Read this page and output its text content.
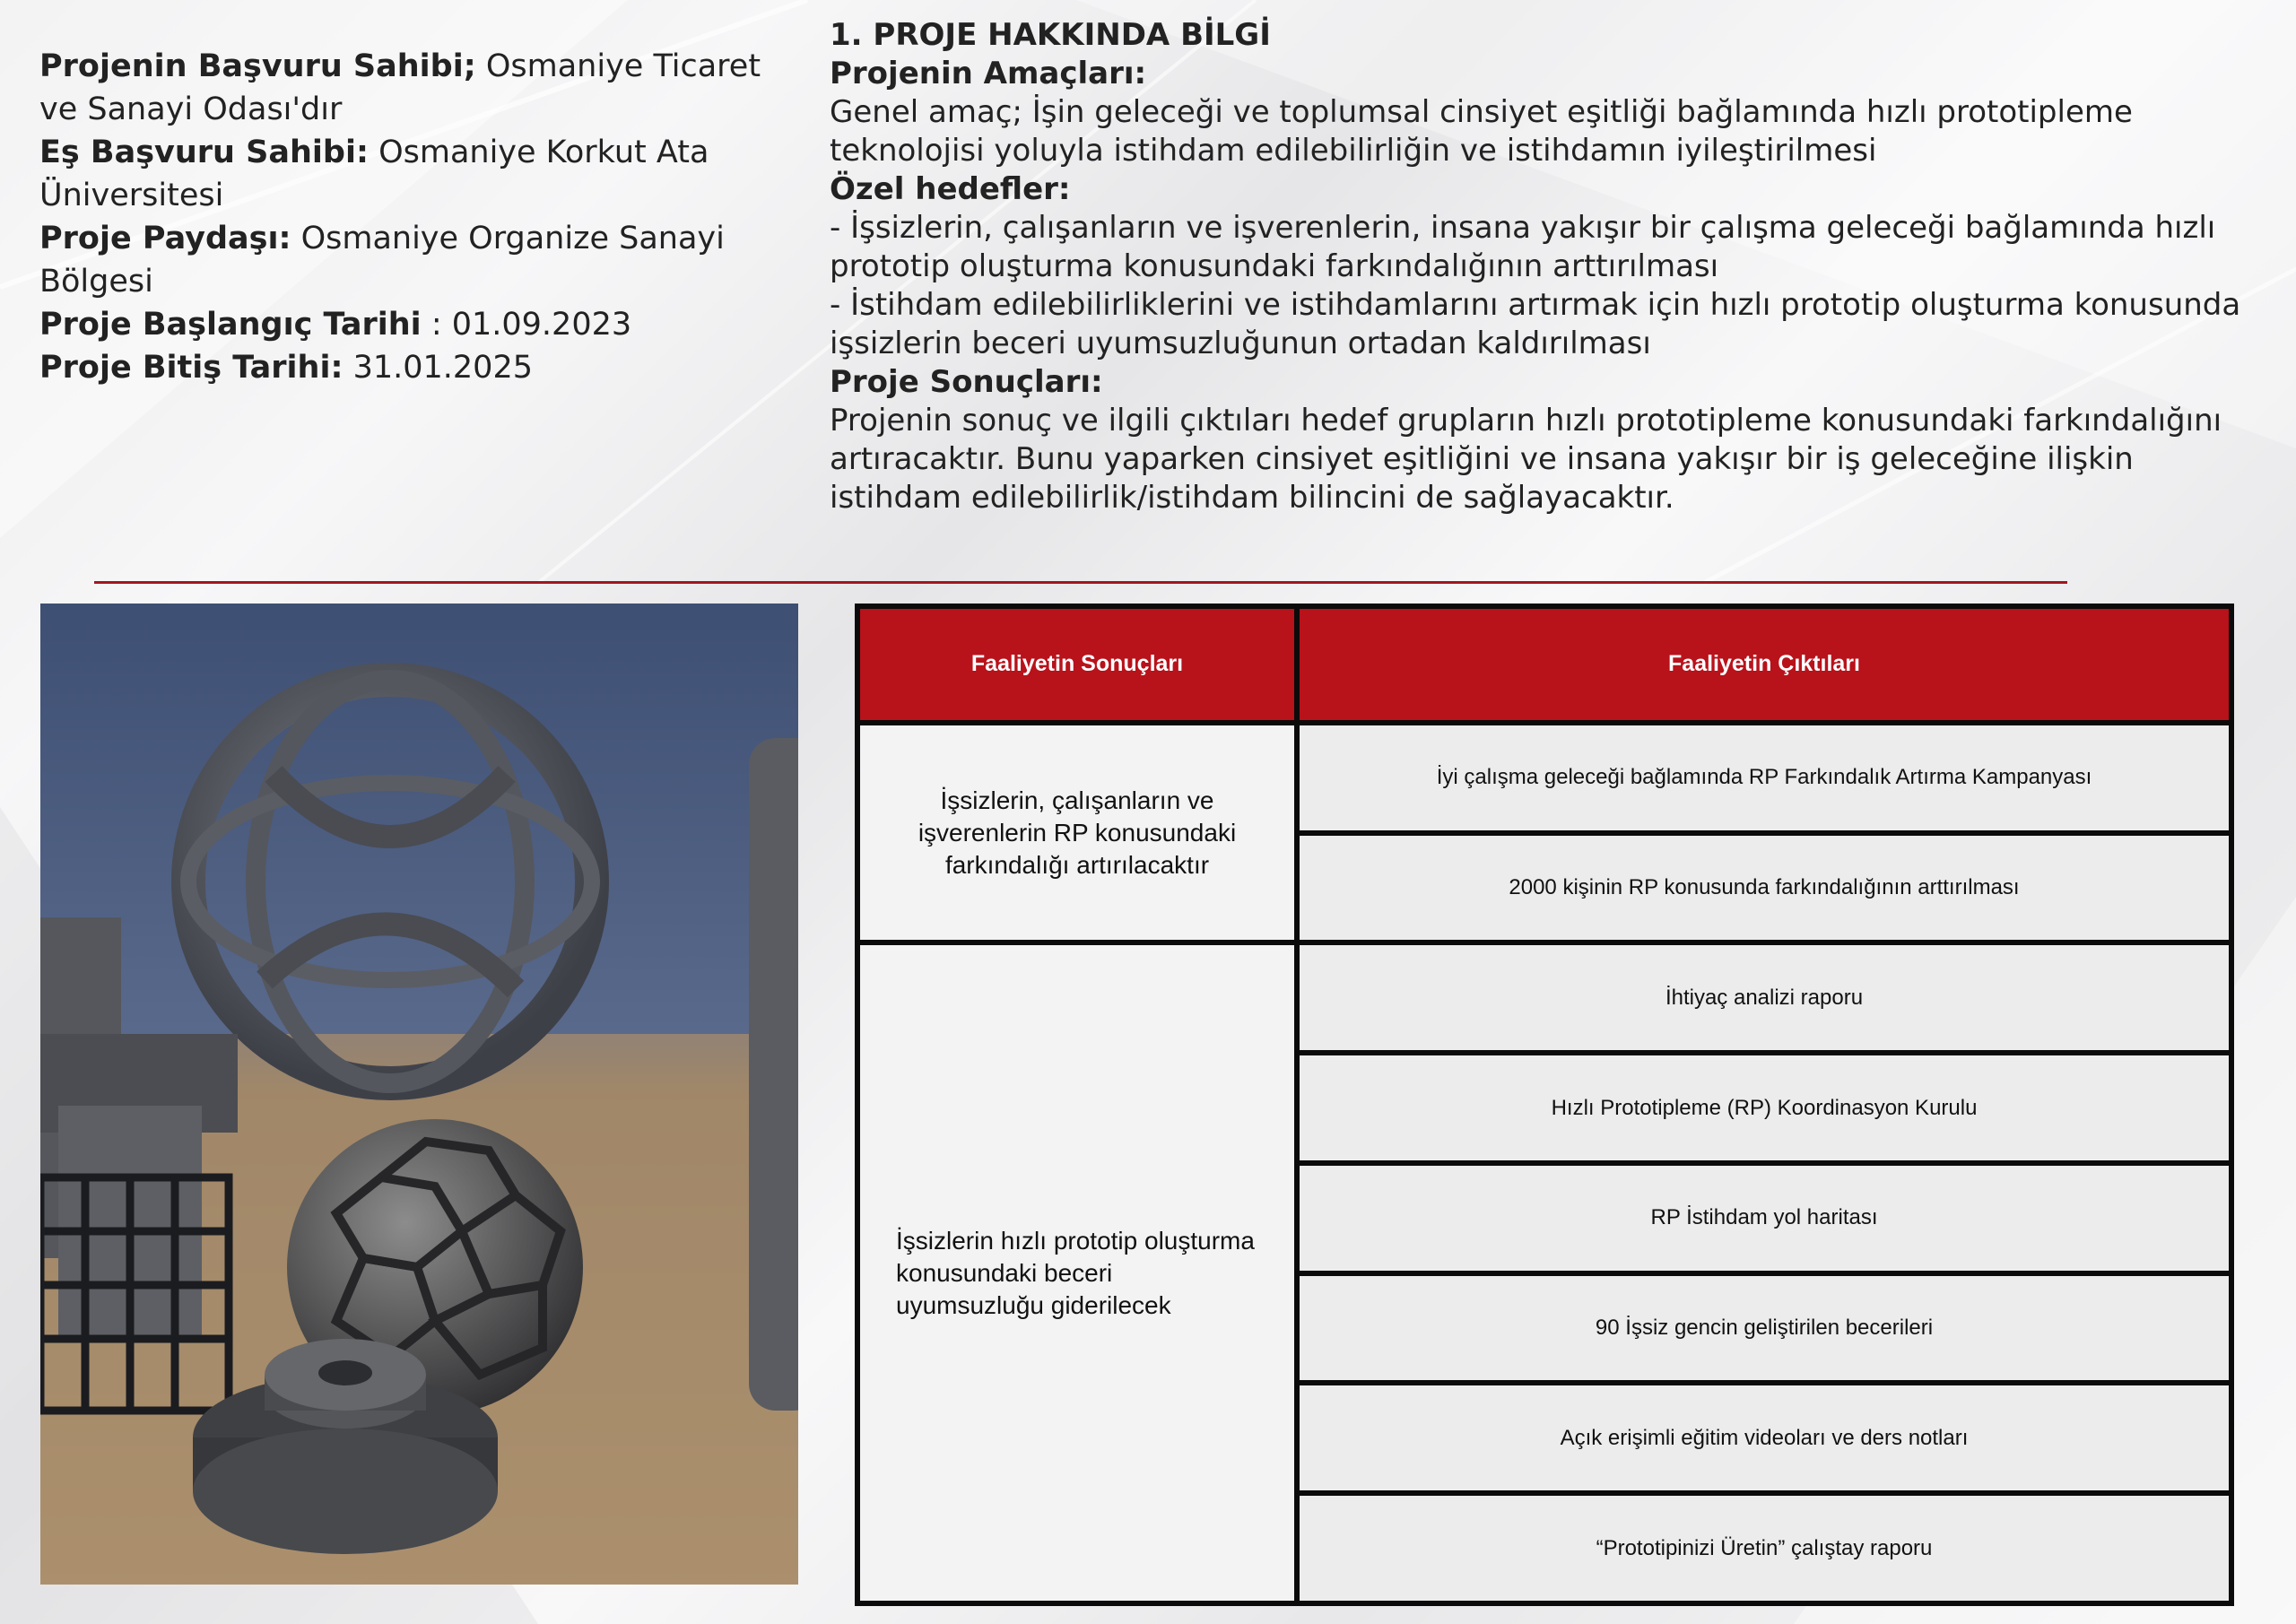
Projenin Başvuru Sahibi; Osmaniye Ticaret ve Sanayi Odası'dır
Eş Başvuru Sahibi: Osmaniye Korkut Ata Üniversitesi
Proje Paydaşı: Osmaniye Organize Sanayi Bölgesi
Proje Başlangıç Tarihi : 01.09.2023
Proje Bitiş Tarihi: 31.01.2025
1. PROJE HAKKINDA BİLGİ
Projenin Amaçları:
Genel amaç; İşin geleceği ve toplumsal cinsiyet eşitliği bağlamında hızlı prototipleme teknolojisi yoluyla istihdam edilebilirliğin ve istihdamın iyileştirilmesi
Özel hedefler:
- İşsizlerin, çalışanların ve işverenlerin, insana yakışır bir çalışma geleceği bağlamında hızlı prototip oluşturma konusundaki farkındalığının arttırılması
- İstihdam edilebilirliklerini ve istihdamlarını artırmak için hızlı prototip oluşturma konusunda işsizlerin beceri uyumsuzluğunun ortadan kaldırılması
Proje Sonuçları:
Projenin sonuç ve ilgili çıktıları hedef grupların hızlı prototipleme konusundaki farkındalığını artıracaktır. Bunu yaparken cinsiyet eşitliğini ve insana yakışır bir iş geleceğine ilişkin istihdam edilebilirlik/istihdam bilincini de sağlayacaktır.
Faaliyetin Sonuçları	Faaliyetin Çıktıları
İşsizlerin, çalışanların ve işverenlerin RP konusundaki farkındalığı artırılacaktır	İyi çalışma geleceği bağlamında RP Farkındalık Artırma Kampanyası
	2000 kişinin RP konusunda farkındalığının arttırılması
İşsizlerin hızlı prototip oluşturma konusundaki beceri uyumsuzluğu giderilecek	İhtiyaç analizi raporu
	Hızlı Prototipleme (RP) Koordinasyon Kurulu
	RP İstihdam yol haritası
	90 İşsiz gencin geliştirilen becerileri
	Açık erişimli eğitim videoları ve ders notları
	“Prototipinizi Üretin” çalıştay raporu
